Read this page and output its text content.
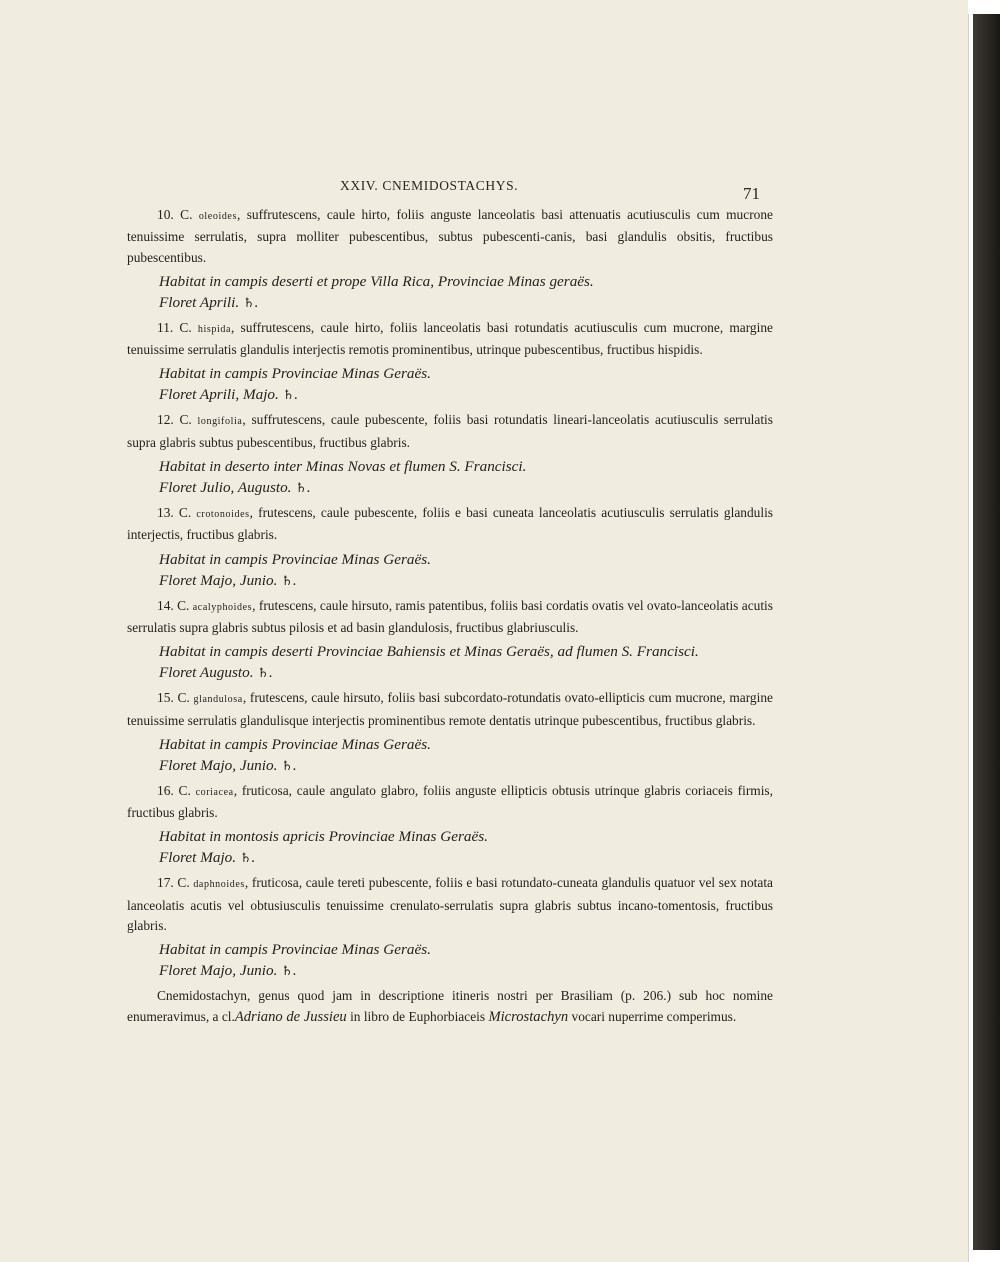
XXIV. CNEMIDOSTACHYS.	71

10. C. oleoides, suffrutescens, caule hirto, foliis anguste lanceolatis basi attenuatis acutiusculis cum mucrone tenuissime serrulatis, supra molliter pubescentibus, subtus pubescenti-canis, basi glandulis obsitis, fructibus pubescentibus.

Habitat in campis deserti et prope Villa Rica, Provinciae Minas geraës.

Floret Aprili. ♄.

11. C. hispida, suffrutescens, caule hirto, foliis lanceolatis basi rotundatis acutiusculis cum mucrone, margine tenuissime serrulatis glandulis interjectis remotis prominentibus, utrinque pubescentibus, fructibus hispidis.

Habitat in campis Provinciae Minas Geraës.

Floret Aprili, Majo. ♄.

12. C. longifolia, suffrutescens, caule pubescente, foliis basi rotundatis lineari-lanceolatis acutiusculis serrulatis supra glabris subtus pubescentibus, fructibus glabris.

Habitat in deserto inter Minas Novas et flumen S. Francisci.

Floret Julio, Augusto. ♄.

13. C. crotonoides, frutescens, caule pubescente, foliis e basi cuneata lanceolatis acutiusculis serrulatis glandulis interjectis, fructibus glabris.

Habitat in campis Provinciae Minas Geraës.

Floret Majo, Junio. ♄.

14. C. acalyphoides, frutescens, caule hirsuto, ramis patentibus, foliis basi cordatis ovatis vel ovato-lanceolatis acutis serrulatis supra glabris subtus pilosis et ad basin glandulosis, fructibus glabriusculis.

Habitat in campis deserti Provinciae Bahiensis et Minas Geraës, ad flumen S. Francisci.

Floret Augusto. ♄.

15. C. glandulosa, frutescens, caule hirsuto, foliis basi subcordato-rotundatis ovato-ellipticis cum mucrone, margine tenuissime serrulatis glandulisque interjectis prominentibus remote dentatis utrinque pubescentibus, fructibus glabris.

Habitat in campis Provinciae Minas Geraës.

Floret Majo, Junio. ♄.

16. C. coriacea, fruticosa, caule angulato glabro, foliis anguste ellipticis obtusis utrinque glabris coriaceis firmis, fructibus glabris.

Habitat in montosis apricis Provinciae Minas Geraës.

Floret Majo. ♄.

17. C. daphnoides, fruticosa, caule tereti pubescente, foliis e basi rotundato-cuneata glandulis quatuor vel sex notata lanceolatis acutis vel obtusiusculis tenuissime crenulato-serrulatis supra glabris subtus incano-tomentosis, fructibus glabris.

Habitat in campis Provinciae Minas Geraës.

Floret Majo, Junio. ♄.

Cnemidostachyn, genus quod jam in descriptione itineris nostri per Brasiliam (p. 206.) sub hoc nomine enumeravimus, a cl.Adriano de Jussieu in libro de Euphorbiaceis Microstachyn vocari nuperrime comperimus.
